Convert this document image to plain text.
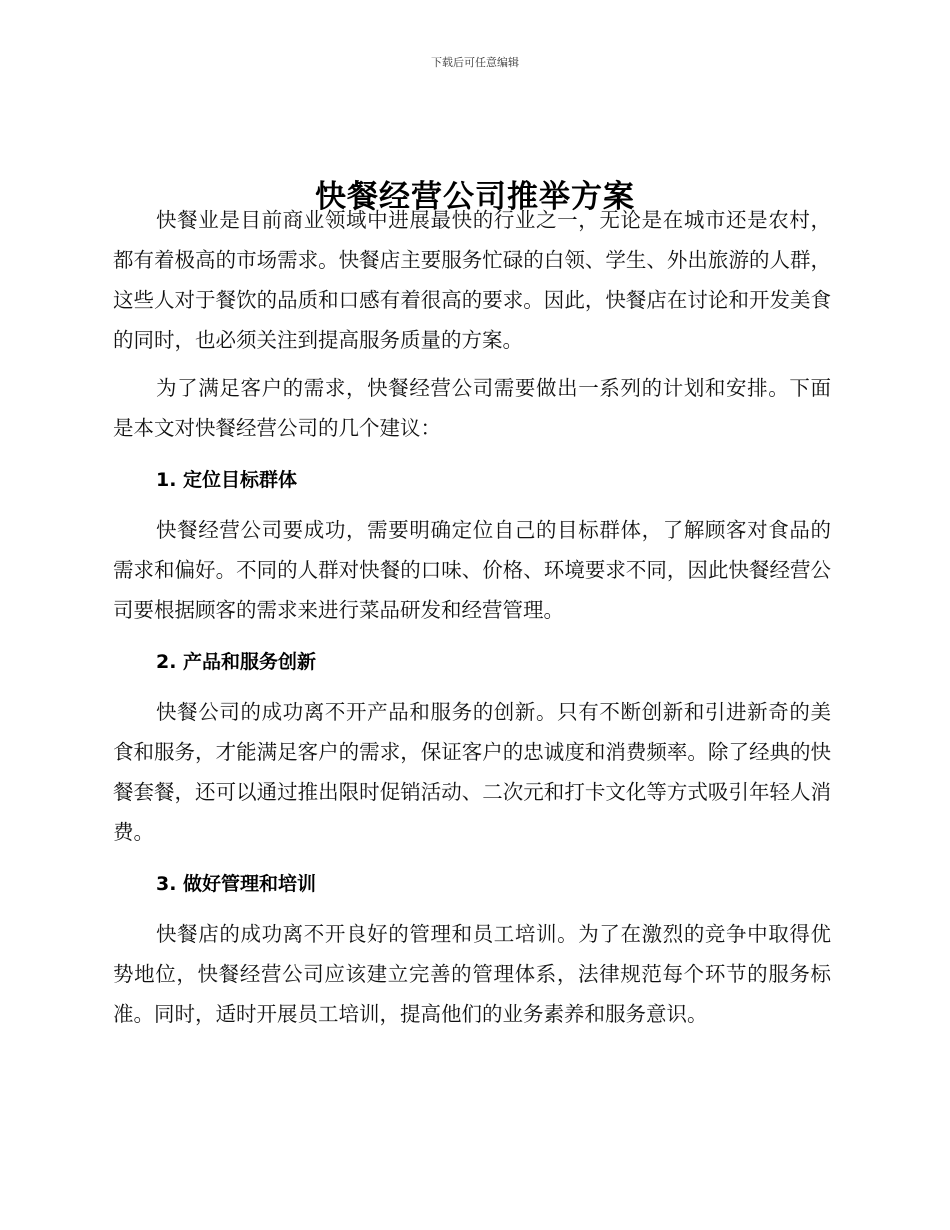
下载后可任意编辑
快餐经营公司推举方案

快餐业是目前商业领域中进展最快的行业之一，无论是在城市还是农村，都有着极高的市场需求。快餐店主要服务忙碌的白领、学生、外出旅游的人群，这些人对于餐饮的品质和口感有着很高的要求。因此，快餐店在讨论和开发美食的同时，也必须关注到提高服务质量的方案。

为了满足客户的需求，快餐经营公司需要做出一系列的计划和安排。下面是本文对快餐经营公司的几个建议：

1. 定位目标群体

快餐经营公司要成功，需要明确定位自己的目标群体，了解顾客对食品的需求和偏好。不同的人群对快餐的口味、价格、环境要求不同，因此快餐经营公司要根据顾客的需求来进行菜品研发和经营管理。

2. 产品和服务创新

快餐公司的成功离不开产品和服务的创新。只有不断创新和引进新奇的美食和服务，才能满足客户的需求，保证客户的忠诚度和消费频率。除了经典的快餐套餐，还可以通过推出限时促销活动、二次元和打卡文化等方式吸引年轻人消费。

3. 做好管理和培训

快餐店的成功离不开良好的管理和员工培训。为了在激烈的竞争中取得优势地位，快餐经营公司应该建立完善的管理体系，法律规范每个环节的服务标准。同时，适时开展员工培训，提高他们的业务素养和服务意识。
